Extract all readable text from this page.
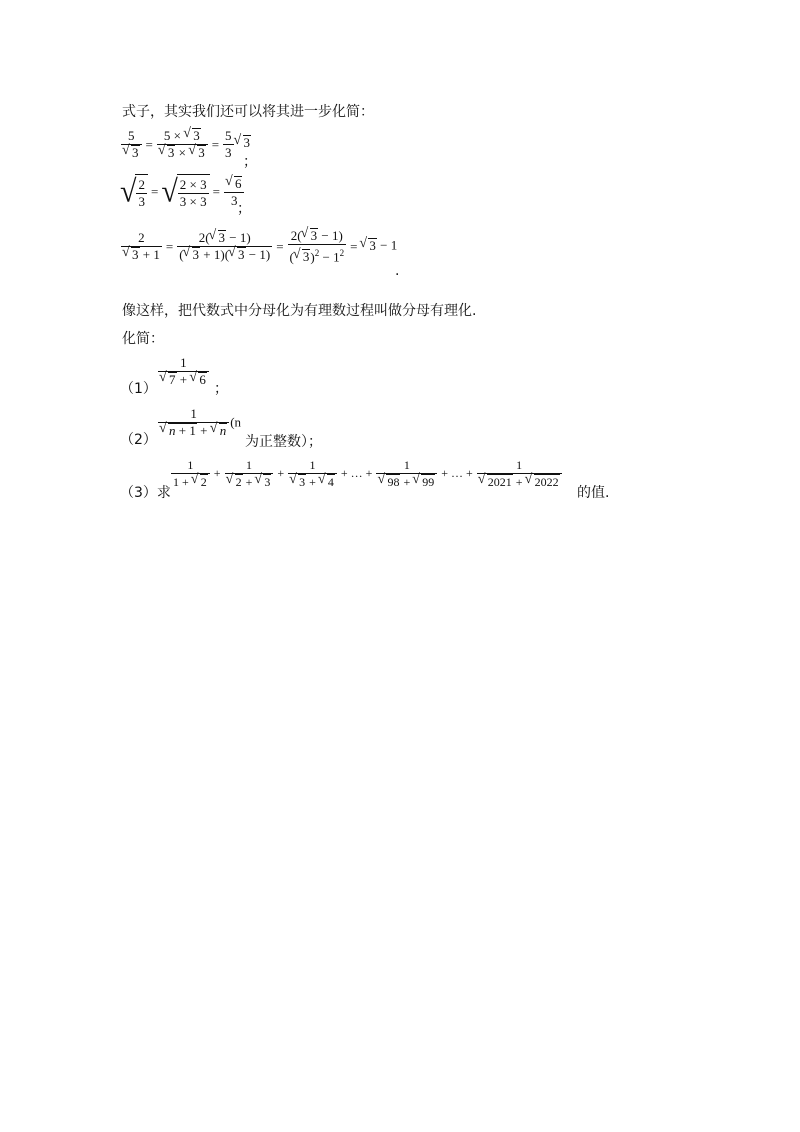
式子，其实我们还可以将其进一步化简：
5
√ 3 = 5 × √ 3
√ 3 × √ $3 = \frac{5}{3}$ √ 3
；
√ $\frac{2}{3}$ = √ $\frac{2 \times 3}{3 \times 3}$ = √ $\frac{6}{3}$
；
2
√ $3 + 1 = \frac{2( √ 3 - 1)}{( √ 3 + 1)( √ 3 - 1)} = \frac{2( √ 3 - 1)}{( √ 3)^2 - 1^2}$ = √ 3 − 1
.
像这样，把代数式中分母化为有理数过程叫做分母有理化.
化简：
（1）
1
√ 7 + √ 6
；
（2）
1
√ n + 1 + √ n (n
为正整数）；
（3）求
$\frac{1}{1 + √ 2} + 1$
√ 2 + √ 3 + 1
√ 3 + √ 4 + … + 1
√ 98 + √ 99 + … + 1
√ 2021 + √ 2022
的值.
